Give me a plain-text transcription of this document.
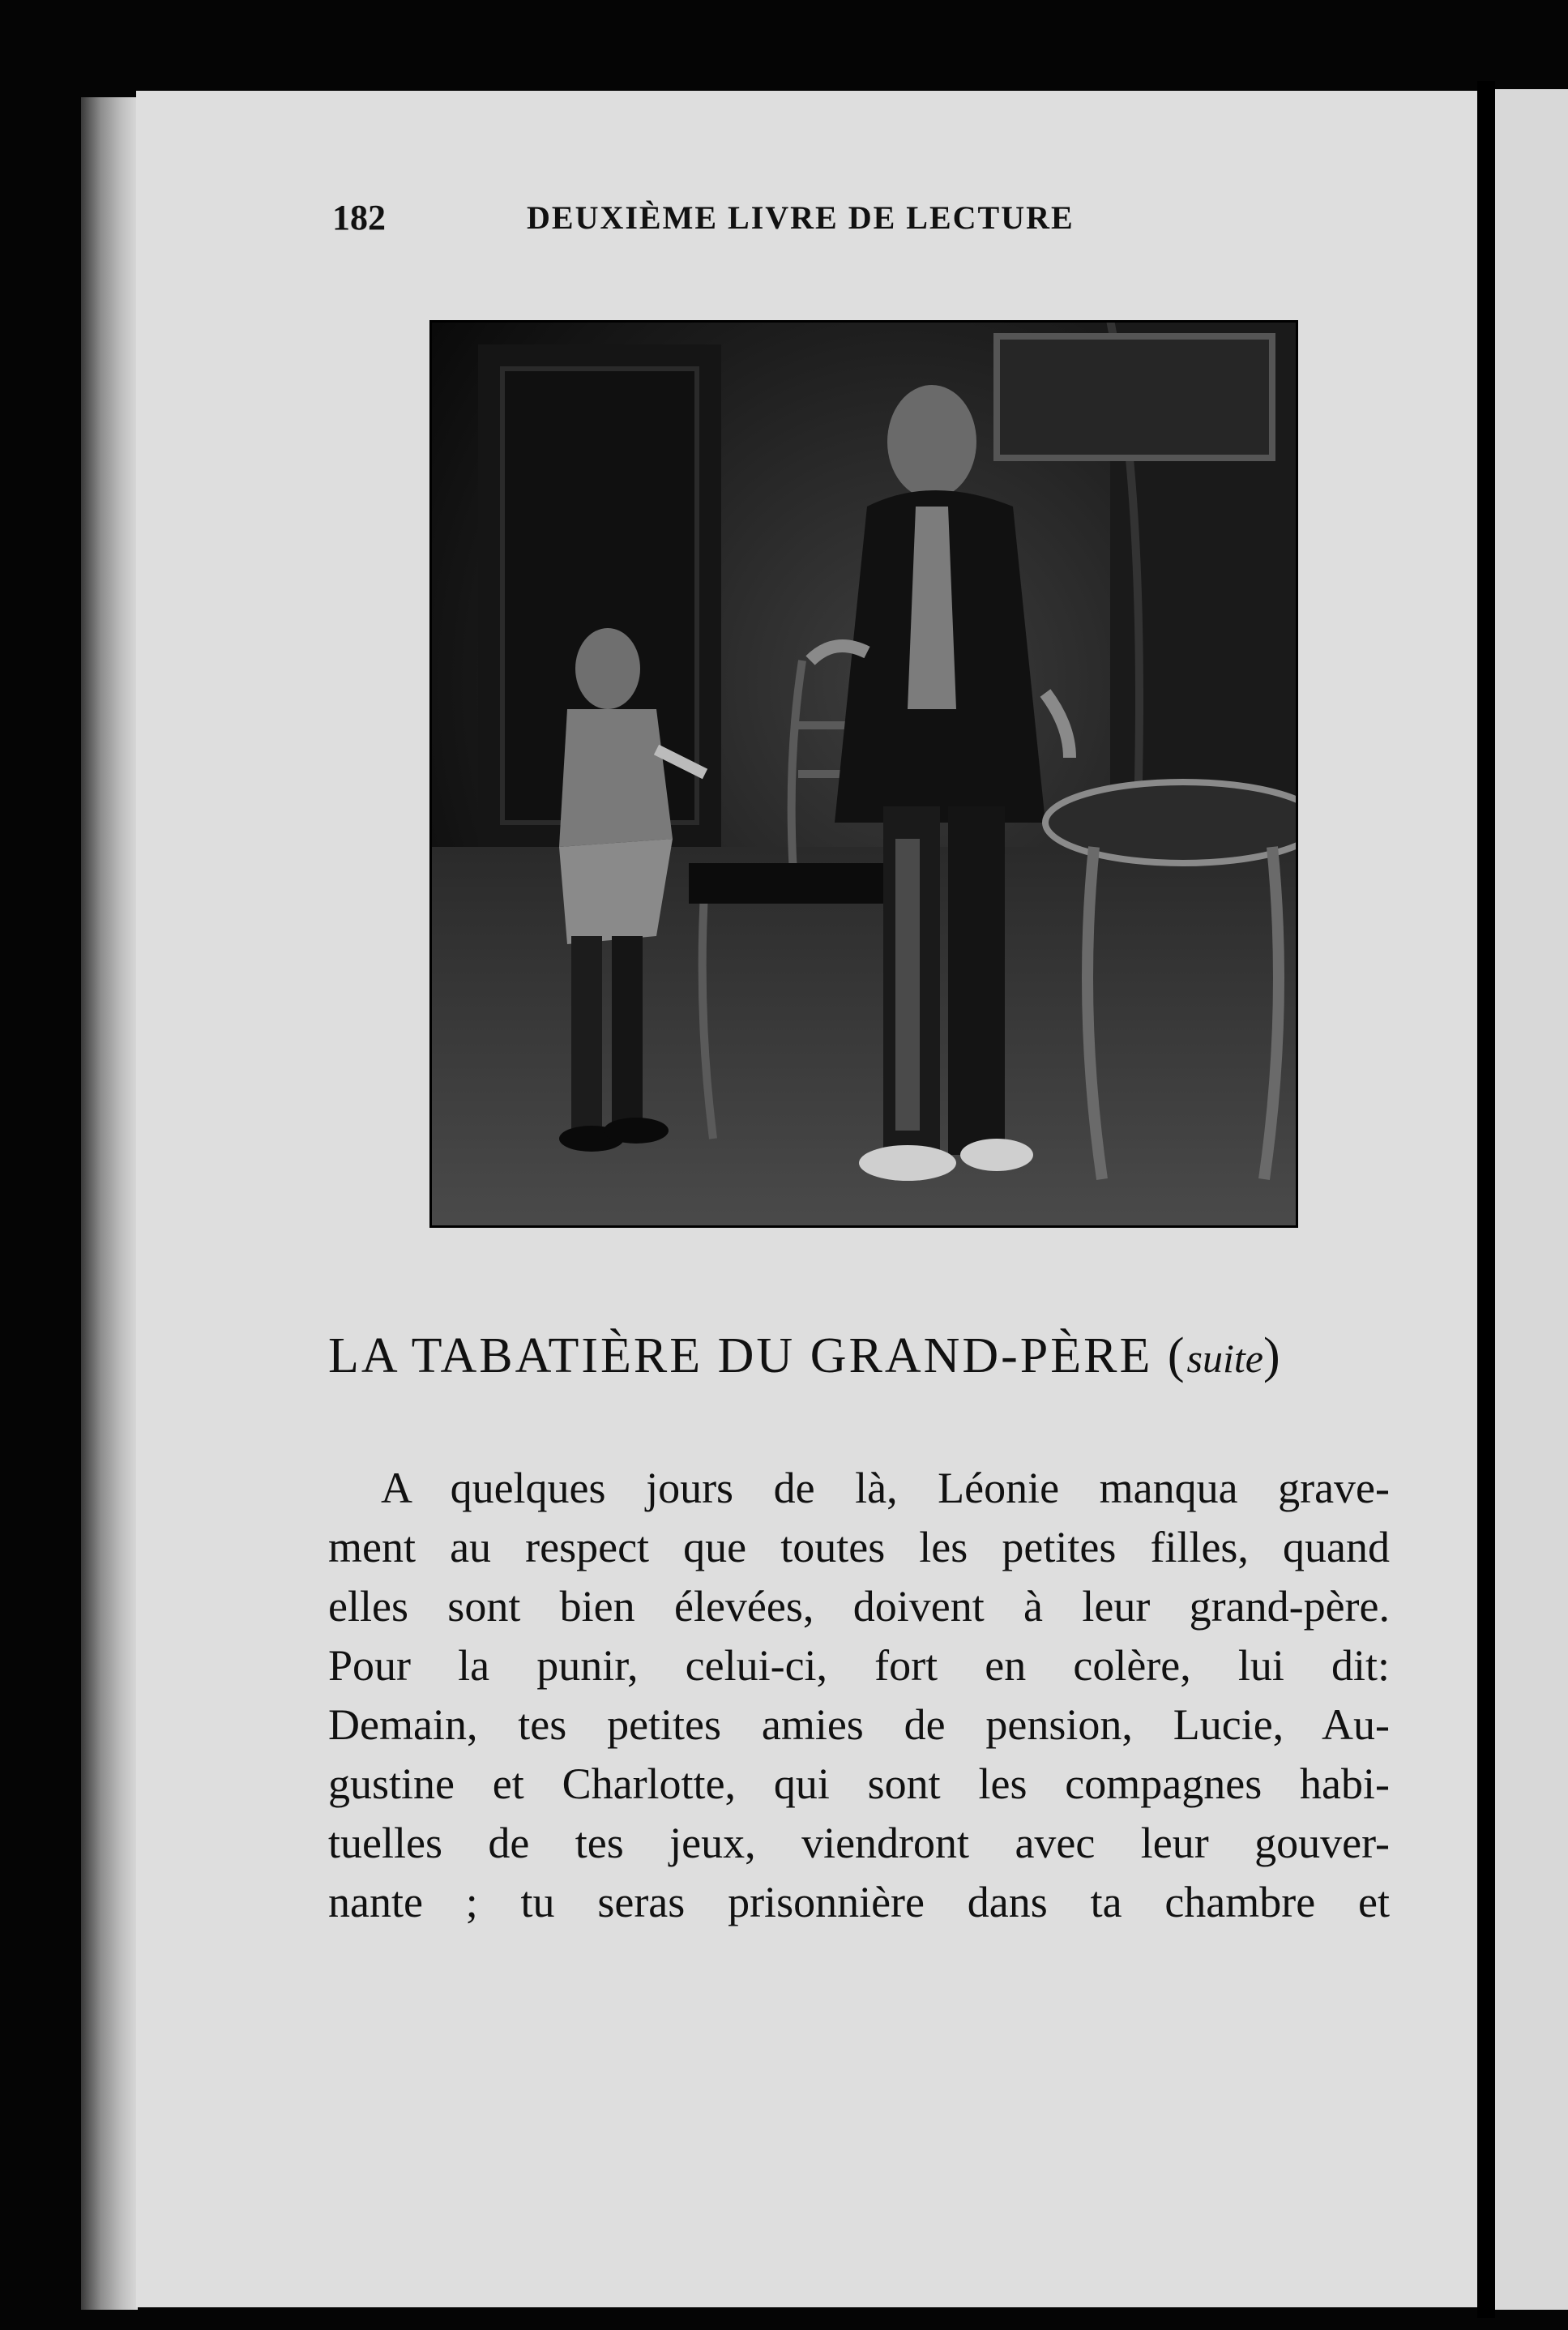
182	DEUXIÈME LIVRE DE LECTURE
LA TABATIÈRE DU GRAND-PÈRE (suite)
A quelques jours de là, Léonie manqua grave-
ment au respect que toutes les petites filles, quand
elles sont bien élevées, doivent à leur grand-père.
Pour la punir, celui-ci, fort en colère, lui dit:
Demain, tes petites amies de pension, Lucie, Au-
gustine et Charlotte, qui sont les compagnes habi-
tuelles de tes jeux, viendront avec leur gouver-
nante ; tu seras prisonnière dans ta chambre et
